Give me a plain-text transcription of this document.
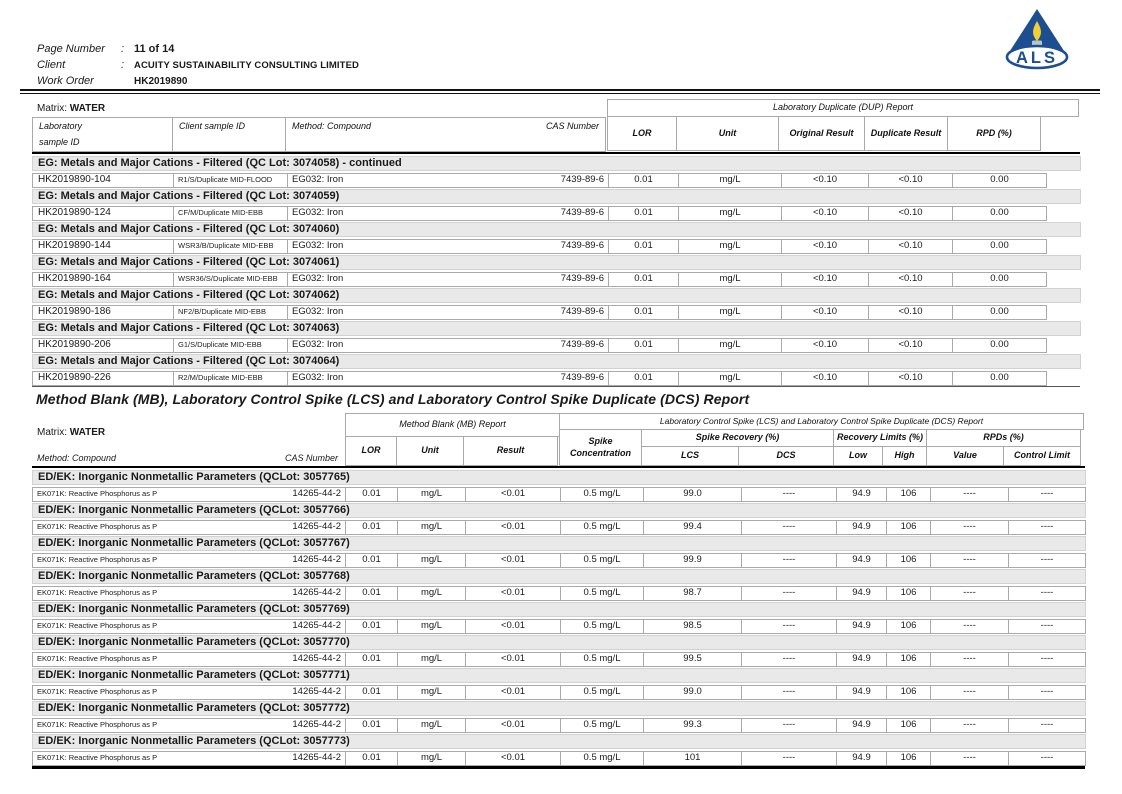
Page Number	: 11 of 14
Client	:	ACUITY SUSTAINABILITY CONSULTING LIMITED
Work Order	HK2019890
ALS
Matrix:
WATER
Laboratory
sample ID
Client sample ID	Method: Compound	CAS Number
Laboratory Duplicate (DUP) Report
LOR	Unit	Original Result	Duplicate Result	RPD (%)

EG: Metals and Major Cations - Filtered (QC Lot: 3074058) - continued								

HK2019890-104	R1/S/Duplicate MID-FLOOD	EG032: Iron 7439-89-6	0.01	mg/L	<0.10	<0.10	0.00	

EG: Metals and Major Cations - Filtered (QC Lot: 3074059)								

HK2019890-124	CF/M/Duplicate MID-EBB	EG032: Iron 7439-89-6	0.01	mg/L	<0.10	<0.10	0.00	

EG: Metals and Major Cations - Filtered (QC Lot: 3074060)								

HK2019890-144	WSR3/B/Duplicate MID-EBB	EG032: Iron 7439-89-6	0.01	mg/L	<0.10	<0.10	0.00	

EG: Metals and Major Cations - Filtered (QC Lot: 3074061)								

HK2019890-164	WSR36/S/Duplicate MID-EBB	EG032: Iron 7439-89-6	0.01	mg/L	<0.10	<0.10	0.00	

EG: Metals and Major Cations - Filtered (QC Lot: 3074062)								

HK2019890-186	NF2/B/Duplicate MID-EBB	EG032: Iron 7439-89-6	0.01	mg/L	<0.10	<0.10	0.00	

EG: Metals and Major Cations - Filtered (QC Lot: 3074063)								

HK2019890-206	G1/S/Duplicate MID-EBB	EG032: Iron 7439-89-6	0.01	mg/L	<0.10	<0.10	0.00	

EG: Metals and Major Cations - Filtered (QC Lot: 3074064)								

HK2019890-226	R2/M/Duplicate MID-EBB	EG032: Iron 7439-89-6	0.01	mg/L	<0.10	<0.10	0.00	
Method Blank (MB), Laboratory Control Spike (LCS) and Laboratory Control Spike Duplicate (DCS) Report
Matrix: WATER
Method: Compound	CAS Number
Method Blank (MB) Report
LOR	Unit	Result
Laboratory Control Spike (LCS) and Laboratory Control Spike Duplicate (DCS) Report
Spike
Concentration
Spike Recovery (%)
LCS	DCS
Recovery Limits (%)
Low	High
RPDs (%)
Value	Control Limit

ED/EK: Inorganic Nonmetallic Parameters (QCLot: 3057765)										

EK071K: Reactive Phosphorus as P 14265-44-2	0.01	mg/L	<0.01	0.5 mg/L	99.0	----	94.9	106	----	----

ED/EK: Inorganic Nonmetallic Parameters (QCLot: 3057766)										

EK071K: Reactive Phosphorus as P 14265-44-2	0.01	mg/L	<0.01	0.5 mg/L	99.4	----	94.9	106	----	----

ED/EK: Inorganic Nonmetallic Parameters (QCLot: 3057767)										

EK071K: Reactive Phosphorus as P 14265-44-2	0.01	mg/L	<0.01	0.5 mg/L	99.9	----	94.9	106	----	----

ED/EK: Inorganic Nonmetallic Parameters (QCLot: 3057768)										

EK071K: Reactive Phosphorus as P 14265-44-2	0.01	mg/L	<0.01	0.5 mg/L	98.7	----	94.9	106	----	----

ED/EK: Inorganic Nonmetallic Parameters (QCLot: 3057769)										

EK071K: Reactive Phosphorus as P 14265-44-2	0.01	mg/L	<0.01	0.5 mg/L	98.5	----	94.9	106	----	----

ED/EK: Inorganic Nonmetallic Parameters (QCLot: 3057770)										

EK071K: Reactive Phosphorus as P 14265-44-2	0.01	mg/L	<0.01	0.5 mg/L	99.5	----	94.9	106	----	----

ED/EK: Inorganic Nonmetallic Parameters (QCLot: 3057771)										

EK071K: Reactive Phosphorus as P 14265-44-2	0.01	mg/L	<0.01	0.5 mg/L	99.0	----	94.9	106	----	----

ED/EK: Inorganic Nonmetallic Parameters (QCLot: 3057772)										

EK071K: Reactive Phosphorus as P 14265-44-2	0.01	mg/L	<0.01	0.5 mg/L	99.3	----	94.9	106	----	----

ED/EK: Inorganic Nonmetallic Parameters (QCLot: 3057773)										

EK071K: Reactive Phosphorus as P 14265-44-2	0.01	mg/L	<0.01	0.5 mg/L	101	----	94.9	106	----	----
